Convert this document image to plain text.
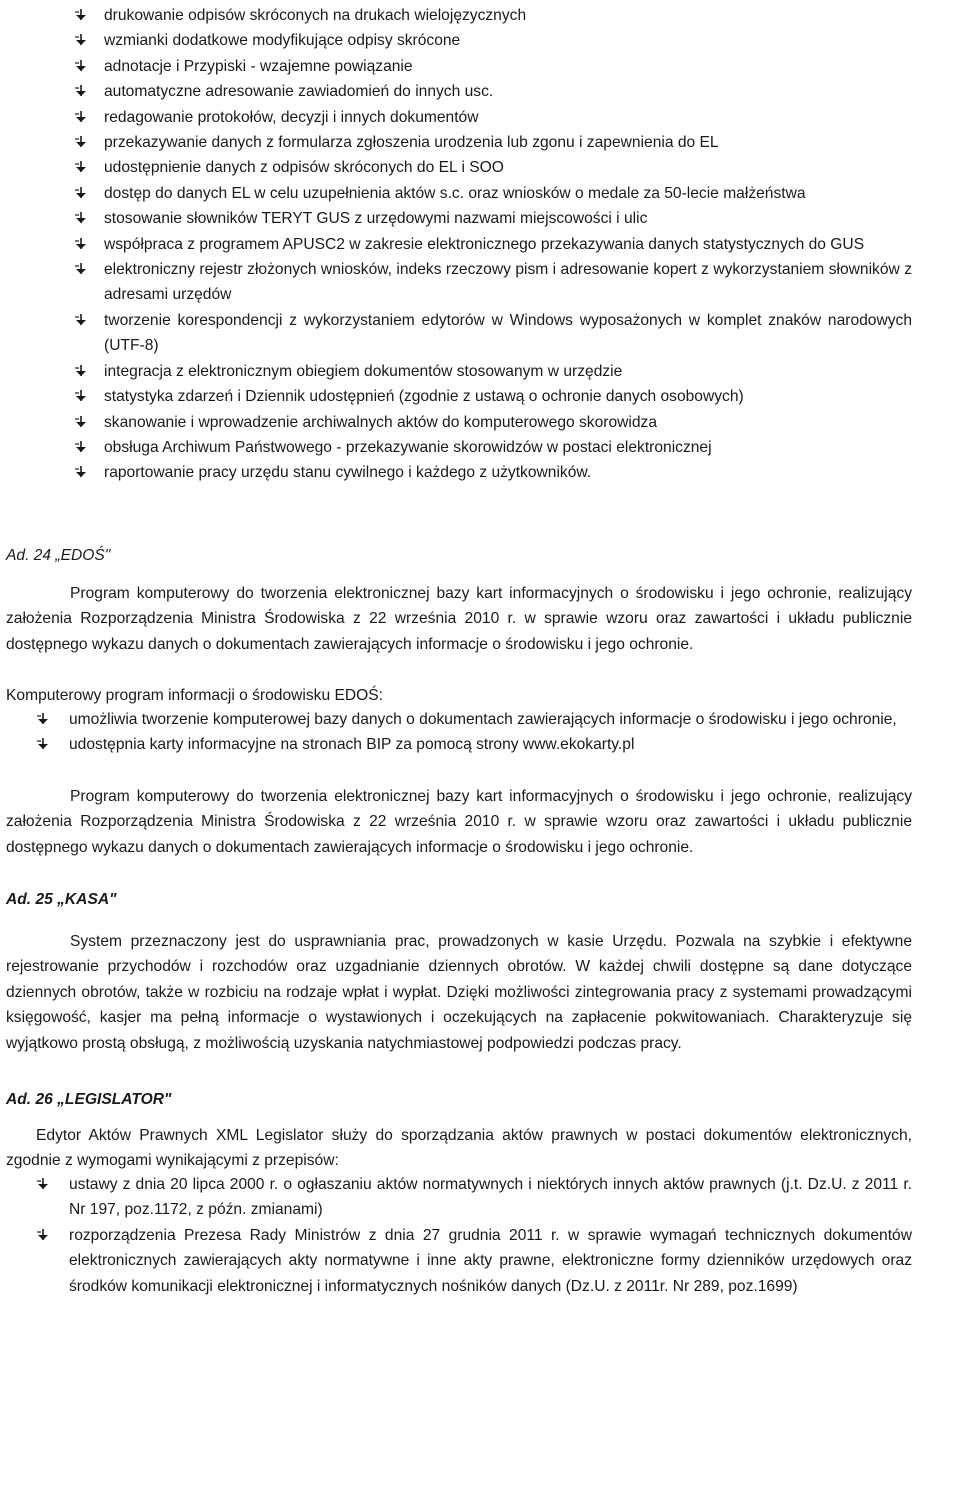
drukowanie odpisów skróconych na drukach wielojęzycznych
wzmianki dodatkowe modyfikujące odpisy skrócone
adnotacje i Przypiski - wzajemne powiązanie
automatyczne adresowanie zawiadomień do innych usc.
redagowanie protokołów, decyzji i innych dokumentów
przekazywanie danych z formularza zgłoszenia urodzenia lub zgonu i zapewnienia do EL
udostępnienie danych z odpisów skróconych do EL i SOO
dostęp do danych EL w celu uzupełnienia aktów s.c. oraz wniosków o medale za 50-lecie małżeństwa
stosowanie słowników TERYT GUS z urzędowymi nazwami miejscowości i ulic
współpraca z programem APUSC2 w zakresie elektronicznego przekazywania danych statystycznych do GUS
elektroniczny rejestr złożonych wniosków, indeks rzeczowy pism i adresowanie kopert z wykorzystaniem słowników z adresami urzędów
tworzenie korespondencji z wykorzystaniem edytorów w Windows wyposażonych w komplet znaków narodowych (UTF-8)
integracja z elektronicznym obiegiem dokumentów stosowanym w urzędzie
statystyka zdarzeń i Dziennik udostępnień (zgodnie z ustawą o ochronie danych osobowych)
skanowanie i wprowadzenie archiwalnych aktów do komputerowego skorowidza
obsługa Archiwum Państwowego - przekazywanie skorowidzów w postaci elektronicznej
raportowanie pracy urzędu stanu cywilnego i każdego z użytkowników.
Ad. 24 „EDOŚ"

Program komputerowy do tworzenia elektronicznej bazy kart informacyjnych o środowisku i jego ochronie, realizujący założenia Rozporządzenia Ministra Środowiska z 22 września 2010 r. w sprawie wzoru oraz zawartości i układu publicznie dostępnego wykazu danych o dokumentach zawierających informacje o środowisku i jego ochronie.

Komputerowy program informacji o środowisku EDOŚ:

umożliwia tworzenie komputerowej bazy danych o dokumentach zawierających informacje o środowisku i jego ochronie,
udostępnia karty informacyjne na stronach BIP za pomocą strony www.ekokarty.pl

Program komputerowy do tworzenia elektronicznej bazy kart informacyjnych o środowisku i jego ochronie, realizujący założenia Rozporządzenia Ministra Środowiska z 22 września 2010 r. w sprawie wzoru oraz zawartości i układu publicznie dostępnego wykazu danych o dokumentach zawierających informacje o środowisku i jego ochronie.

Ad. 25 „KASA"

System przeznaczony jest do usprawniania prac, prowadzonych w kasie Urzędu. Pozwala na szybkie i efektywne rejestrowanie przychodów i rozchodów oraz uzgadnianie dziennych obrotów. W każdej chwili dostępne są dane dotyczące dziennych obrotów, także w rozbiciu na rodzaje wpłat i wypłat. Dzięki możliwości zintegrowania pracy z systemami prowadzącymi księgowość, kasjer ma pełną informacje o wystawionych i oczekujących na zapłacenie pokwitowaniach. Charakteryzuje się wyjątkowo prostą obsługą, z możliwością uzyskania natychmiastowej podpowiedzi podczas pracy.

Ad. 26 „LEGISLATOR"

Edytor Aktów Prawnych XML Legislator służy do sporządzania aktów prawnych w postaci dokumentów elektronicznych, zgodnie z wymogami wynikającymi z przepisów:

ustawy z dnia 20 lipca 2000 r. o ogłaszaniu aktów normatywnych i niektórych innych aktów prawnych (j.t. Dz.U. z 2011 r. Nr 197, poz.1172, z późn. zmianami)
rozporządzenia Prezesa Rady Ministrów z dnia 27 grudnia 2011 r. w sprawie wymagań technicznych dokumentów elektronicznych zawierających akty normatywne i inne akty prawne, elektroniczne formy dzienników urzędowych oraz środków komunikacji elektronicznej i informatycznych nośników danych (Dz.U. z 2011r. Nr 289, poz.1699)
